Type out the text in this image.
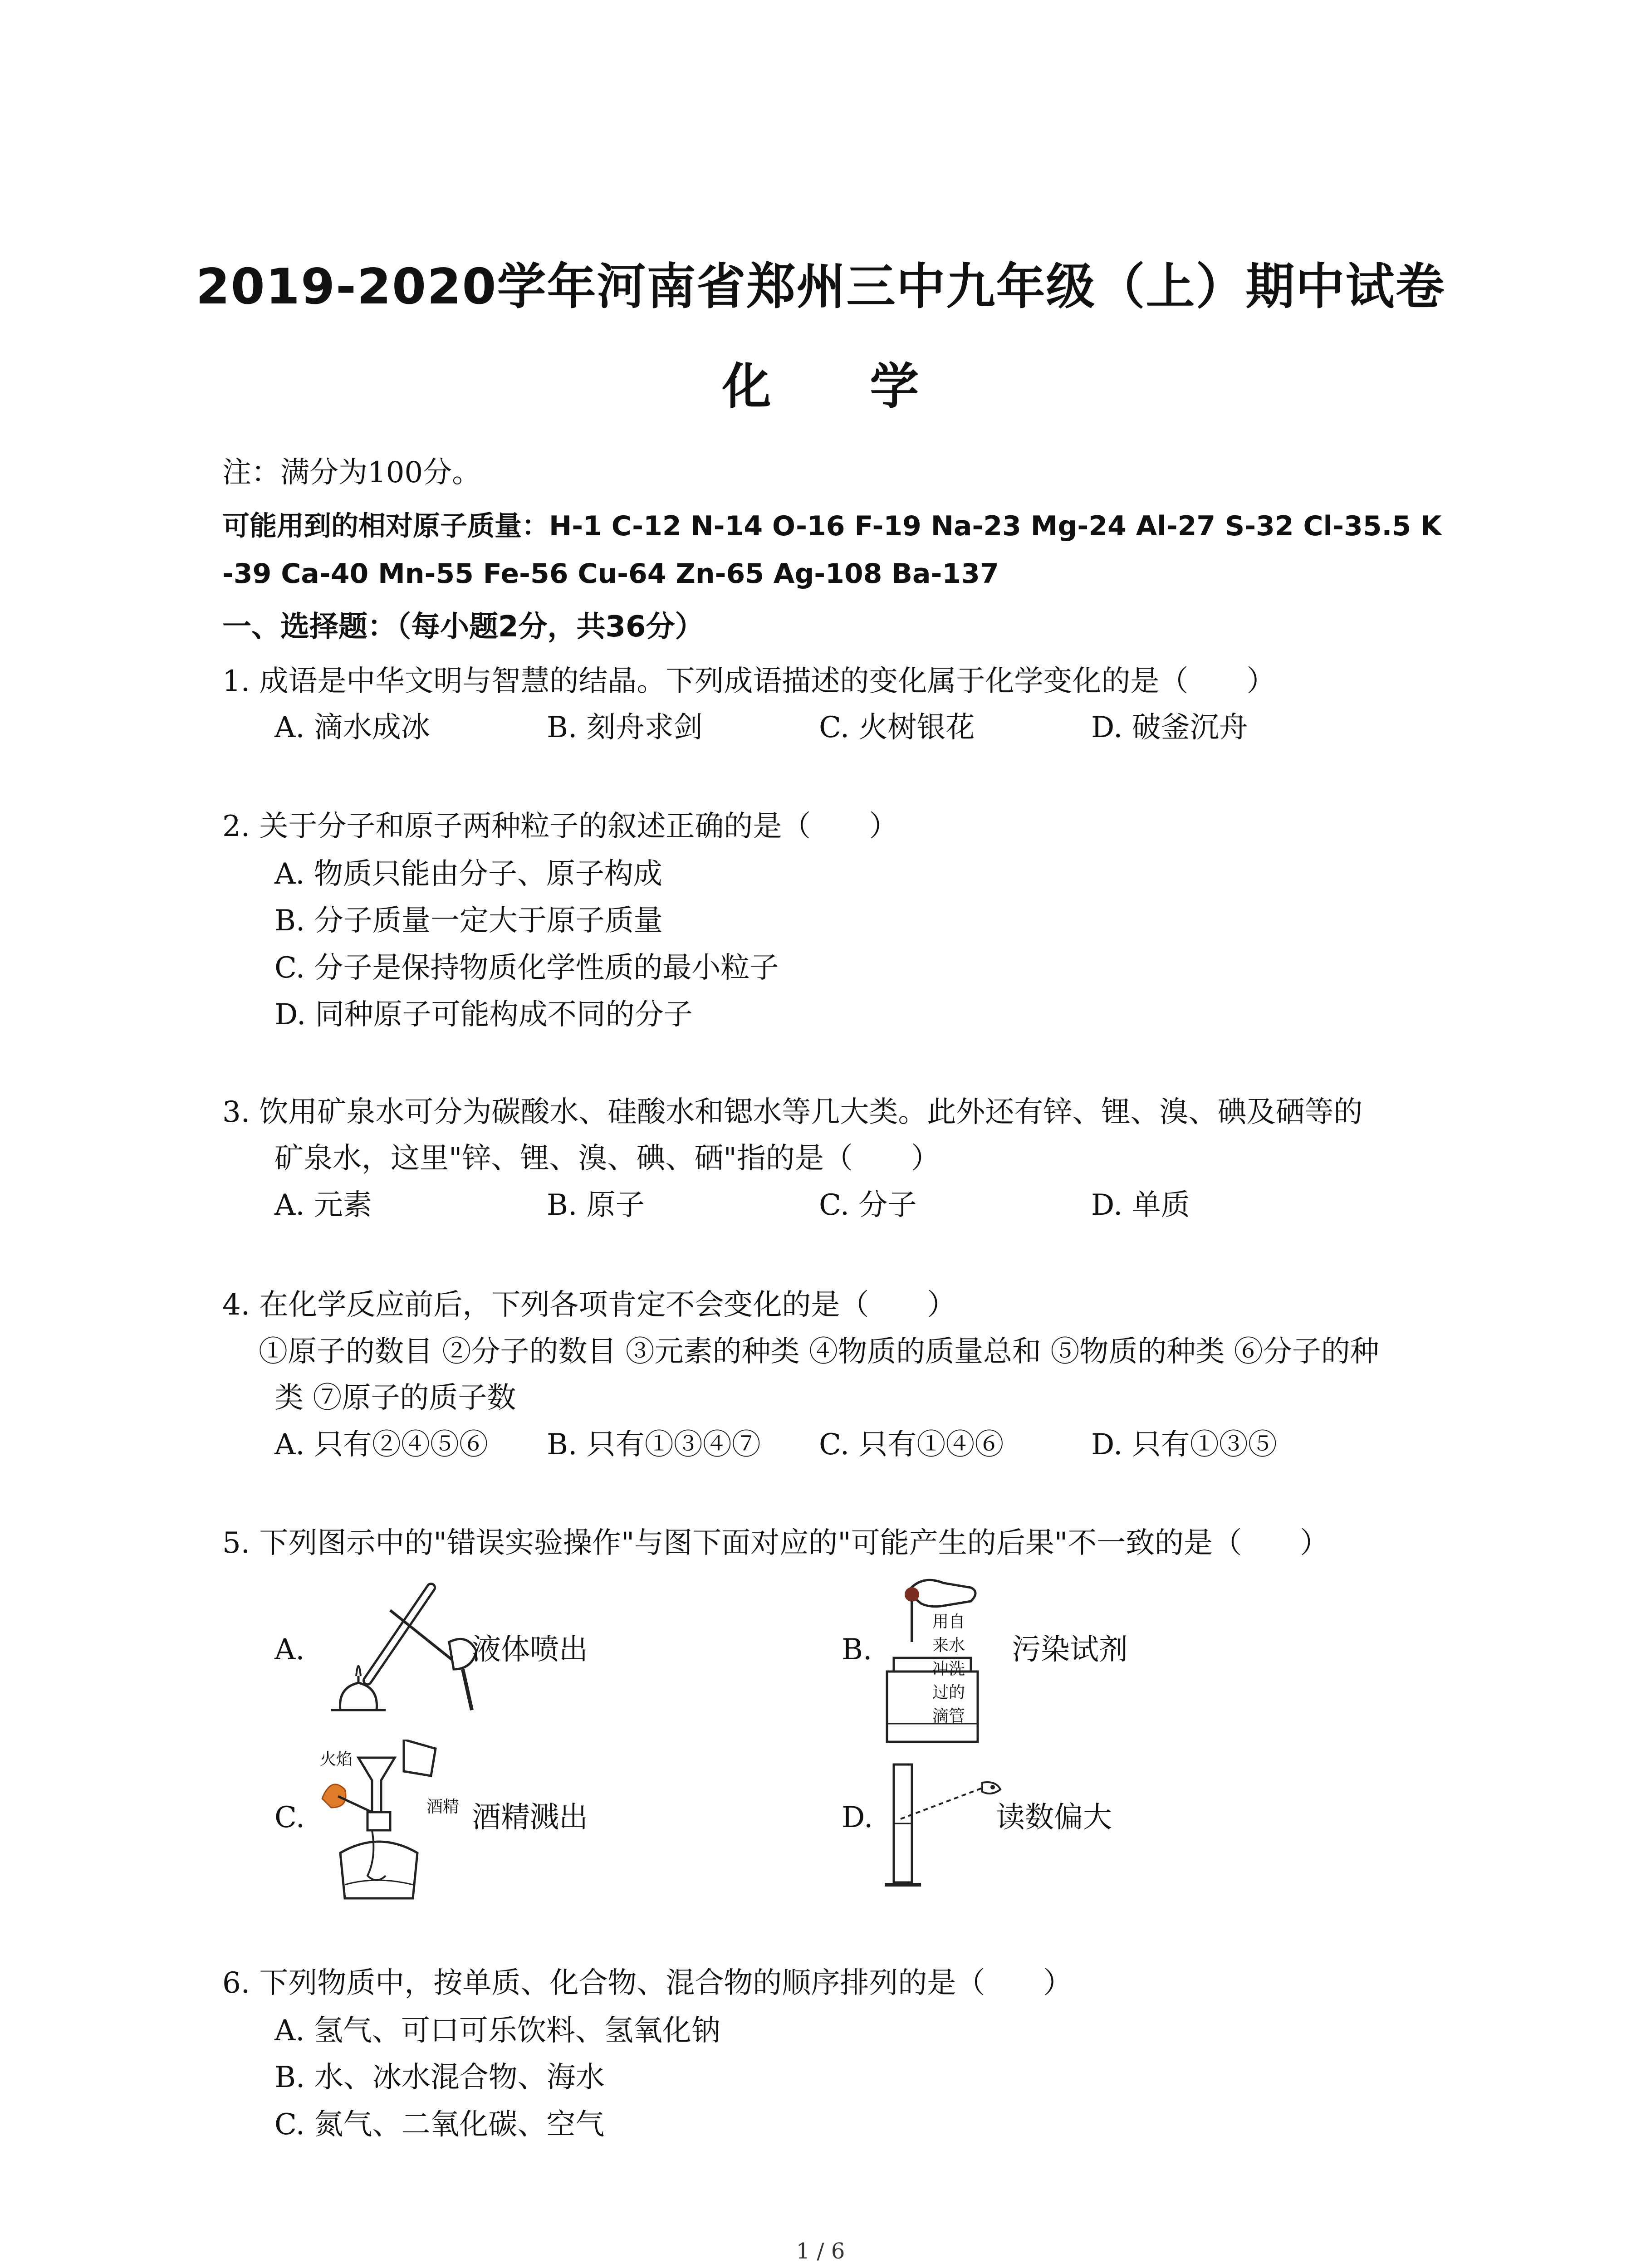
2019-2020学年河南省郑州三中九年级（上）期中试卷
化 学
注：满分为100分。
可能用到的相对原子质量：H-1 C-12 N-14 O-16 F-19 Na-23 Mg-24 Al-27 S-32 Cl-35.5 K
-39 Ca-40 Mn-55 Fe-56 Cu-64 Zn-65 Ag-108 Ba-137
一、选择题：（每小题2分，共36分）
1. 成语是中华文明与智慧的结晶。下列成语描述的变化属于化学变化的是（　　）
A. 滴水成冰	B. 刻舟求剑	C. 火树银花	D. 破釜沉舟
2. 关于分子和原子两种粒子的叙述正确的是（　　）
A. 物质只能由分子、原子构成
B. 分子质量一定大于原子质量
C. 分子是保持物质化学性质的最小粒子
D. 同种原子可能构成不同的分子
3. 饮用矿泉水可分为碳酸水、硅酸水和锶水等几大类。此外还有锌、锂、溴、碘及硒等的
矿泉水，这里"锌、锂、溴、碘、硒"指的是（　　）
A. 元素	B. 原子	C. 分子	D. 单质
4. 在化学反应前后，下列各项肯定不会变化的是（　　）
①原子的数目 ②分子的数目 ③元素的种类 ④物质的质量总和 ⑤物质的种类 ⑥分子的种
类 ⑦原子的质子数
A. 只有②④⑤⑥ B. 只有①③④⑦ C. 只有①④⑥	D. 只有①③⑤
5. 下列图示中的"错误实验操作"与图下面对应的"可能产生的后果"不一致的是（　　）
A.	液体喷出	B.
用自
来水
冲洗
过的
滴管
污染试剂
C.
火焰
酒精 酒精溅出	D.	读数偏大
6. 下列物质中，按单质、化合物、混合物的顺序排列的是（　　）
A. 氢气、可口可乐饮料、氢氧化钠
B. 水、冰水混合物、海水
C. 氮气、二氧化碳、空气
1 / 6
